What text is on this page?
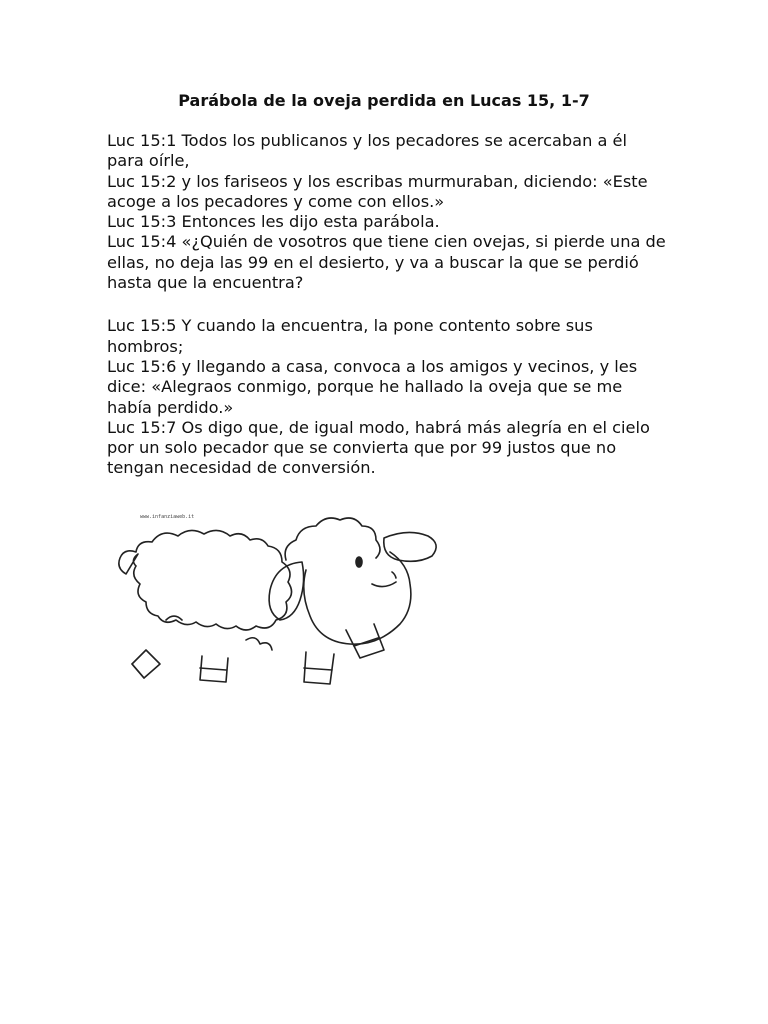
Parábola de la oveja perdida en Lucas 15, 1-7

Luc 15:1 Todos los publicanos y los pecadores se acercaban a él para oírle,

Luc 15:2 y los fariseos y los escribas murmuraban, diciendo: «Este acoge a los pecadores y come con ellos.»

Luc 15:3 Entonces les dijo esta parábola.

Luc 15:4 «¿Quién de vosotros que tiene cien ovejas, si pierde una de ellas, no deja las 99 en el desierto, y va a buscar la que se perdió hasta que la encuentra?

Luc 15:5 Y cuando la encuentra, la pone contento sobre sus hombros;

Luc 15:6 y llegando a casa, convoca a los amigos y vecinos, y les dice: «Alegraos conmigo, porque he hallado la oveja que se me había perdido.»

Luc 15:7 Os digo que, de igual modo, habrá más alegría en el cielo por un solo pecador que se convierta que por 99 justos que no tengan necesidad de conversión.

www.infanziaweb.it
